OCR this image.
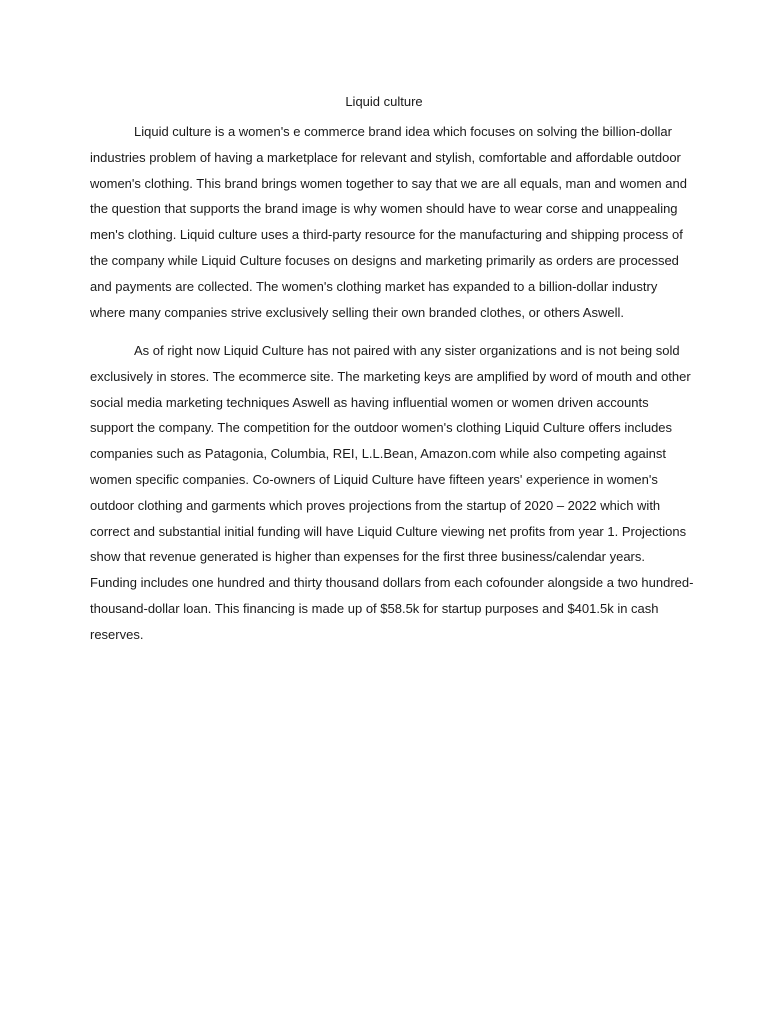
Liquid culture

Liquid culture is a women's e commerce brand idea which focuses on solving the billion-dollar industries problem of having a marketplace for relevant and stylish, comfortable and affordable outdoor women's clothing. This brand brings women together to say that we are all equals, man and women and the question that supports the brand image is why women should have to wear corse and unappealing men's clothing. Liquid culture uses a third-party resource for the manufacturing and shipping process of the company while Liquid Culture focuses on designs and marketing primarily as orders are processed and payments are collected. The women's clothing market has expanded to a billion-dollar industry where many companies strive exclusively selling their own branded clothes, or others Aswell.

As of right now Liquid Culture has not paired with any sister organizations and is not being sold exclusively in stores. The ecommerce site. The marketing keys are amplified by word of mouth and other social media marketing techniques Aswell as having influential women or women driven accounts support the company. The competition for the outdoor women's clothing Liquid Culture offers includes companies such as Patagonia, Columbia, REI, L.L.Bean, Amazon.com while also competing against women specific companies. Co-owners of Liquid Culture have fifteen years' experience in women's outdoor clothing and garments which proves projections from the startup of 2020 – 2022 which with correct and substantial initial funding will have Liquid Culture viewing net profits from year 1. Projections show that revenue generated is higher than expenses for the first three business/calendar years. Funding includes one hundred and thirty thousand dollars from each cofounder alongside a two hundred-thousand-dollar loan. This financing is made up of $58.5k for startup purposes and $401.5k in cash reserves.
